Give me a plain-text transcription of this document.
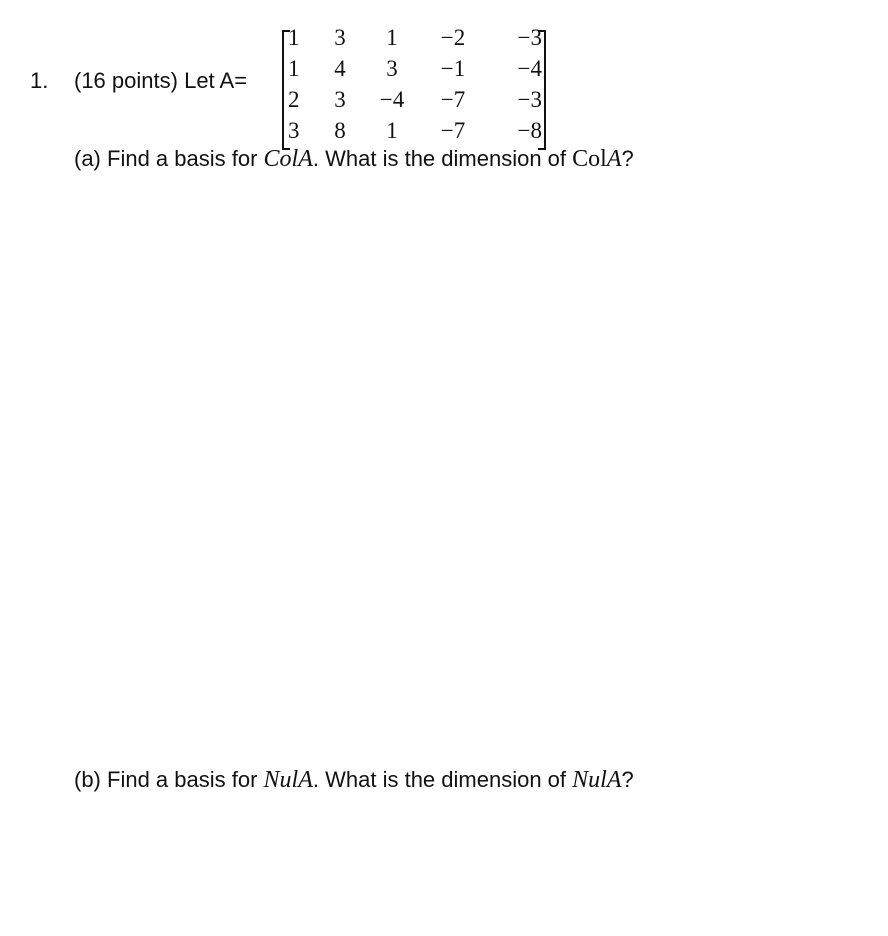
1. (16 points) Let A=
1	3	1	−2	−3
1	4	3	−1	−4
2	3	−4	−7	−3
3	8	1	−7	−8
(a) Find a basis for ColA. What is the dimension of ColA?
(b) Find a basis for NulA. What is the dimension of NulA?
